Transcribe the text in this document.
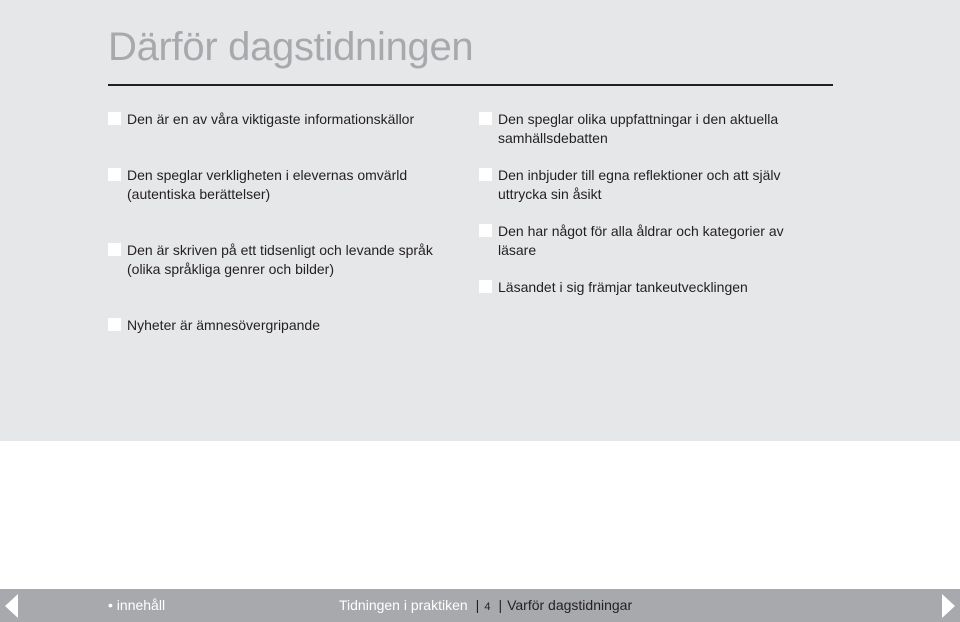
Därför dagstidningen
Den är en av våra viktigaste informationskällor
Den speglar verkligheten i elevernas omvärld
(autentiska berättelser)
Den är skriven på ett tidsenligt och levande språk
(olika språkliga genrer och bilder)
Nyheter är ämnesövergripande
Den speglar olika uppfattningar i den aktuella
samhällsdebatten
Den inbjuder till egna reflektioner och att själv
uttrycka sin åsikt
Den har något för alla åldrar och kategorier av
läsare
Läsandet i sig främjar tankeutvecklingen
• innehåll	Tidningen i praktiken | 4 | Varför dagstidningar
